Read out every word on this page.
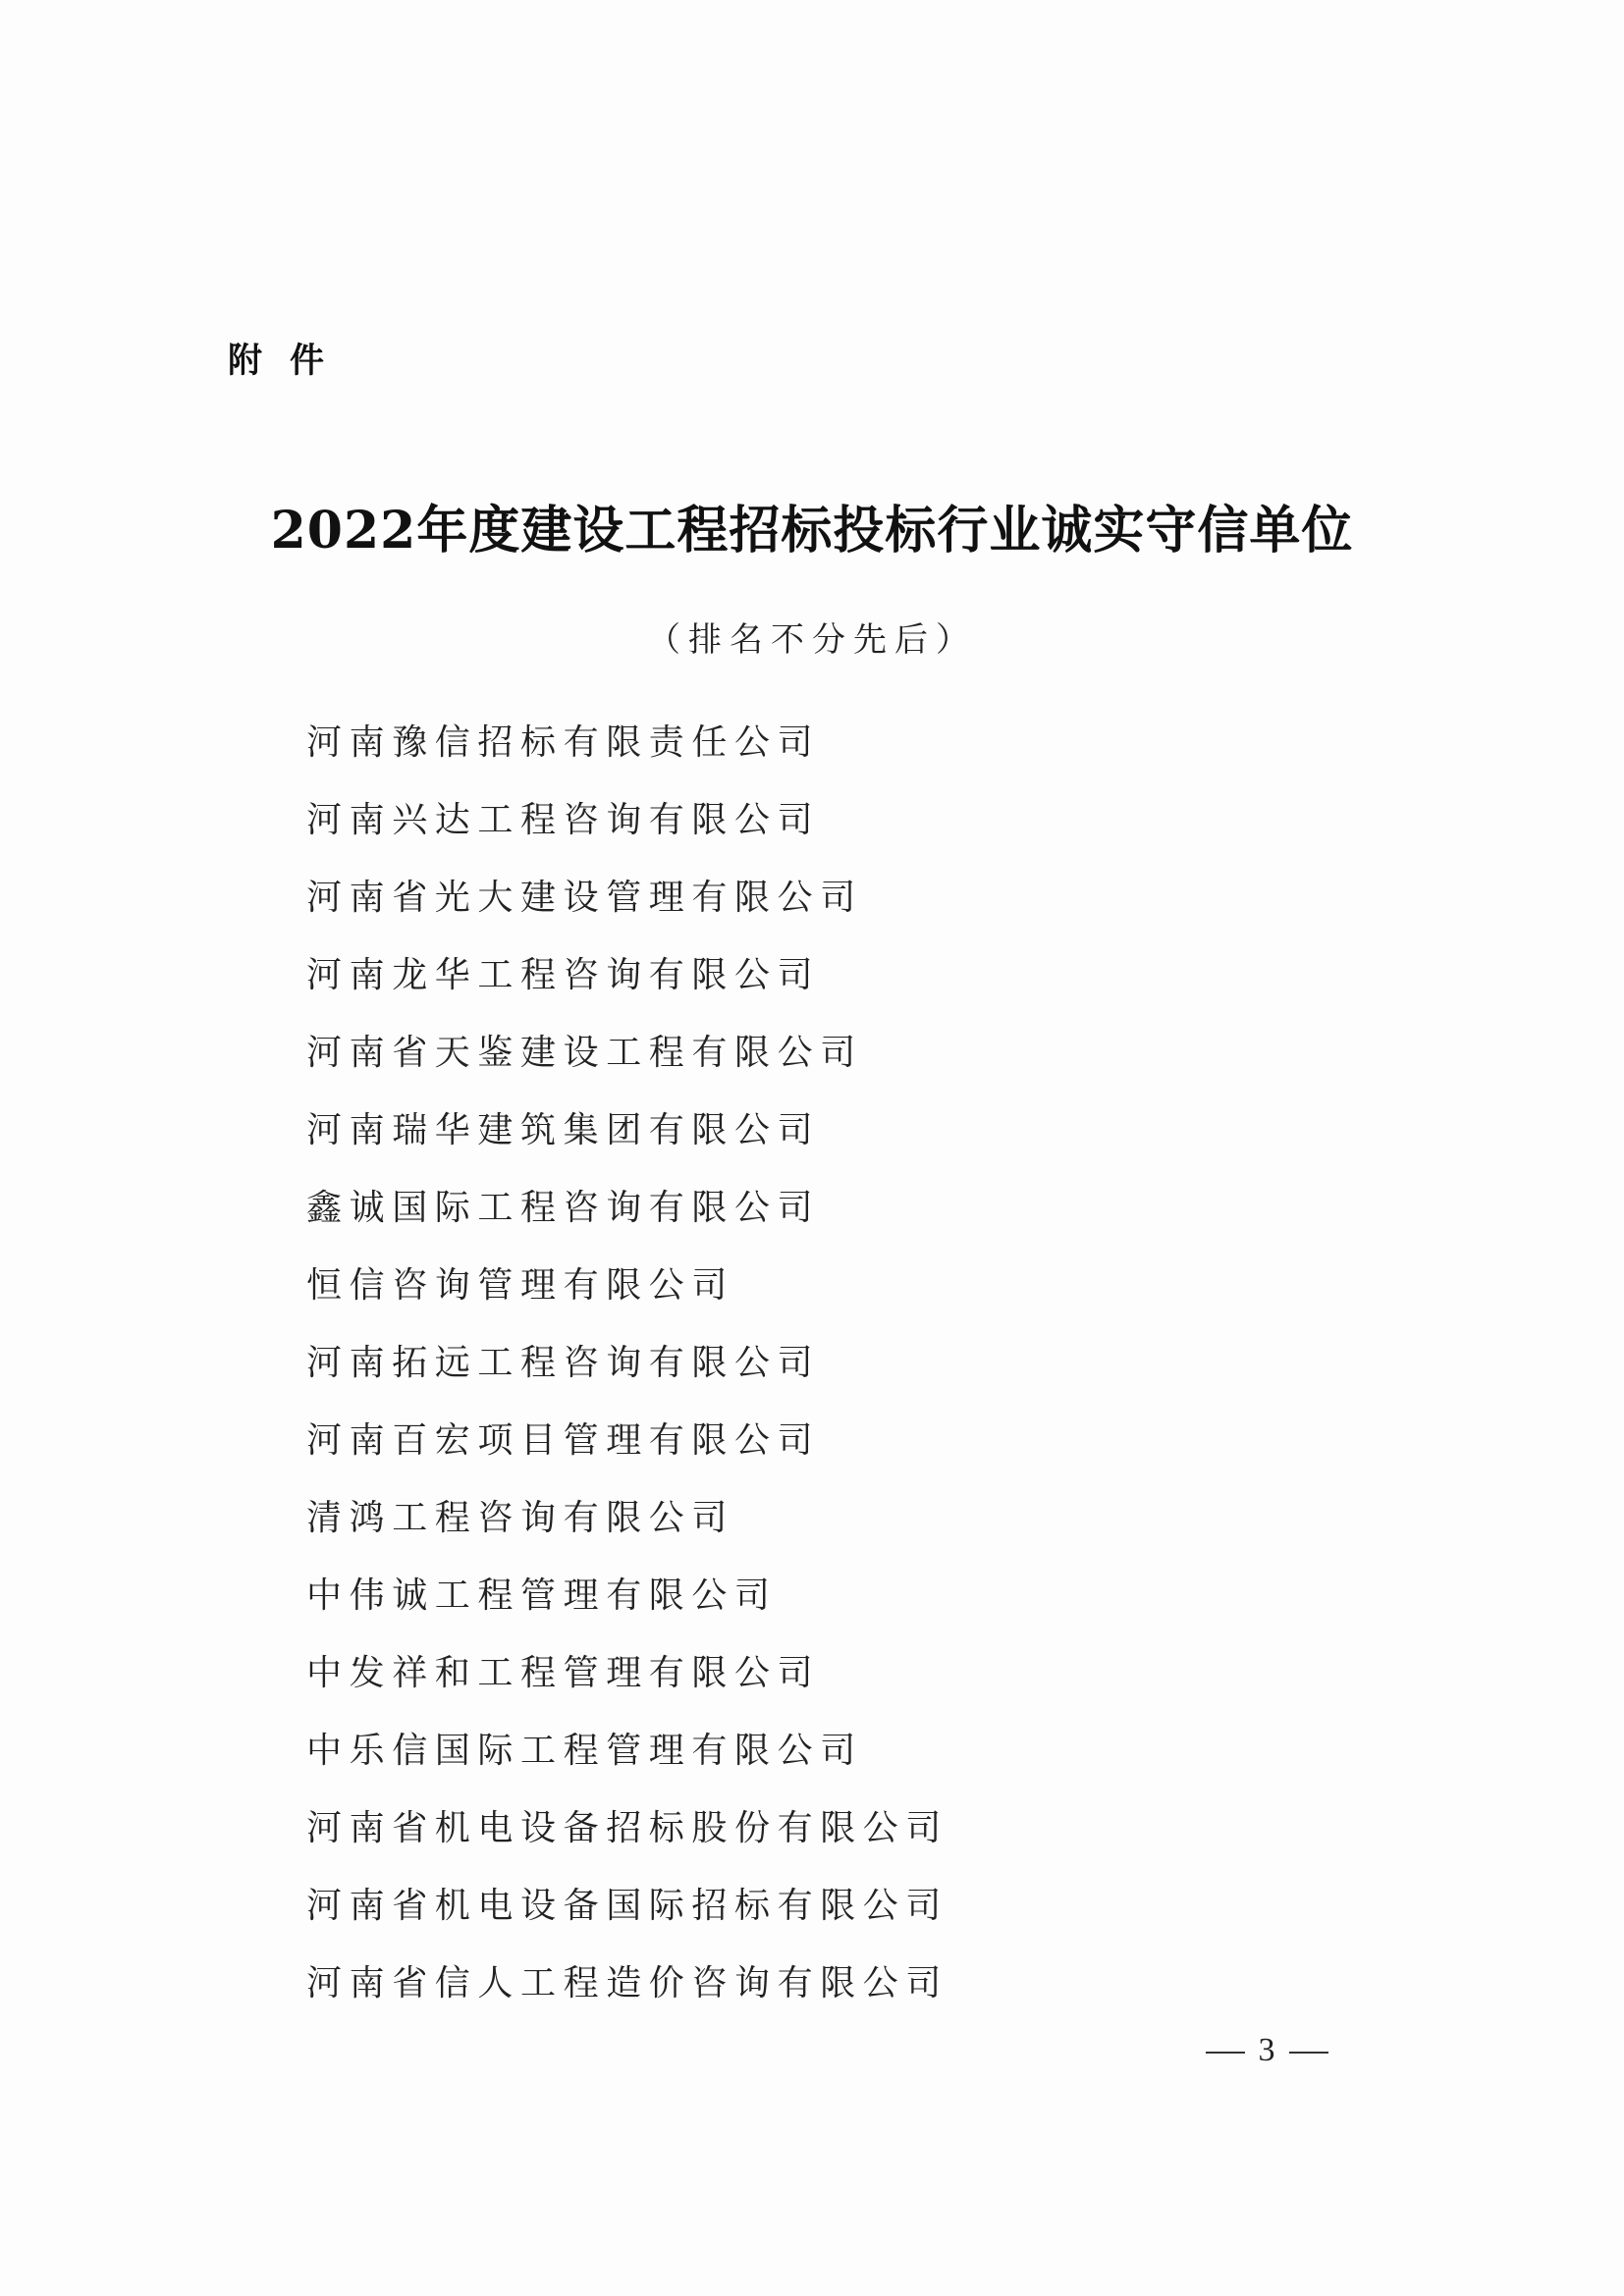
附件
2022年度建设工程招标投标行业诚实守信单位
（排名不分先后）
河南豫信招标有限责任公司
河南兴达工程咨询有限公司
河南省光大建设管理有限公司
河南龙华工程咨询有限公司
河南省天鉴建设工程有限公司
河南瑞华建筑集团有限公司
鑫诚国际工程咨询有限公司
恒信咨询管理有限公司
河南拓远工程咨询有限公司
河南百宏项目管理有限公司
清鸿工程咨询有限公司
中伟诚工程管理有限公司
中发祥和工程管理有限公司
中乐信国际工程管理有限公司
河南省机电设备招标股份有限公司
河南省机电设备国际招标有限公司
河南省信人工程造价咨询有限公司
3
